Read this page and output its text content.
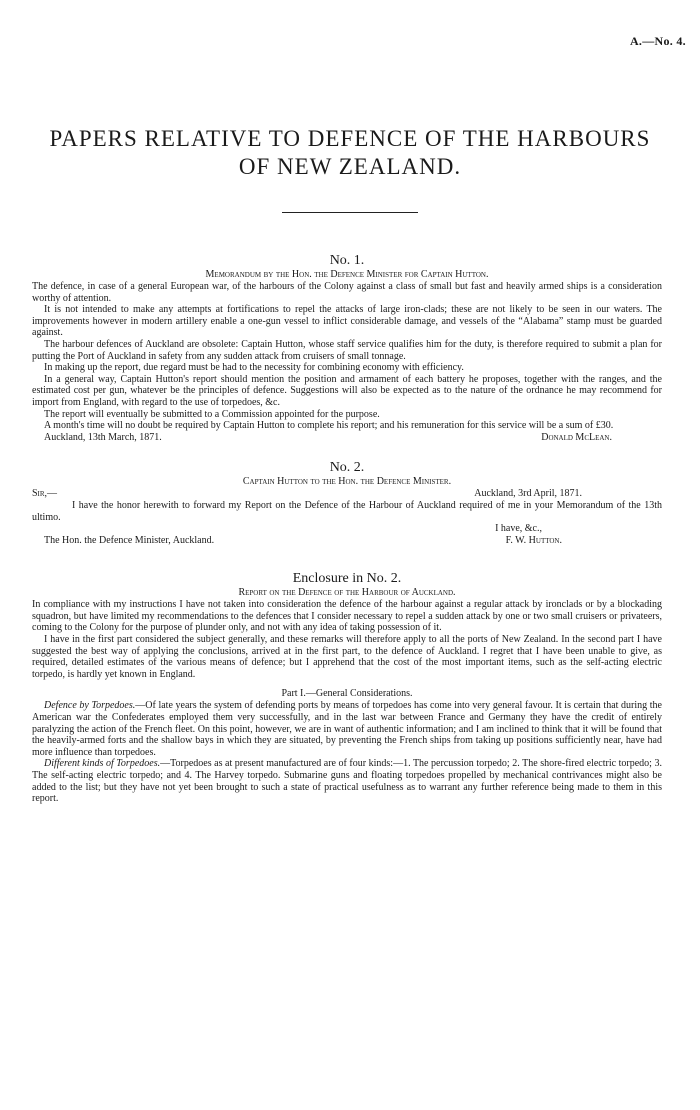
A.—No. 4.
PAPERS RELATIVE TO DEFENCE OF THE HARBOURS
OF NEW ZEALAND.
No. 1.

Memorandum by the Hon. the Defence Minister for Captain Hutton.

The defence, in case of a general European war, of the harbours of the Colony against a class of small but fast and heavily armed ships is a consideration worthy of attention.

It is not intended to make any attempts at fortifications to repel the attacks of large iron-clads; these are not likely to be seen in our waters. The improvements however in modern artillery enable a one-gun vessel to inflict considerable damage, and vessels of the “Alabama” stamp must be guarded against.

The harbour defences of Auckland are obsolete: Captain Hutton, whose staff service qualifies him for the duty, is therefore required to submit a plan for putting the Port of Auckland in safety from any sudden attack from cruisers of small tonnage.

In making up the report, due regard must be had to the necessity for combining economy with efficiency.

In a general way, Captain Hutton's report should mention the position and armament of each battery he proposes, together with the ranges, and the estimated cost per gun, whatever be the principles of defence. Suggestions will also be expected as to the nature of the ordnance he may recommend for import from England, with regard to the use of torpedoes, &c.

The report will eventually be submitted to a Commission appointed for the purpose.

A month's time will no doubt be required by Captain Hutton to complete his report; and his remuneration for this service will be a sum of £30.

Auckland, 13th March, 1871.	Donald McLean.
No. 2.

Captain Hutton to the Hon. the Defence Minister.

Sir,—	Auckland, 3rd April, 1871.

I have the honor herewith to forward my Report on the Defence of the Harbour of Auckland required of me in your Memorandum of the 13th ultimo.

I have, &c.,

The Hon. the Defence Minister, Auckland.	F. W. Hutton.
Enclosure in No. 2.

Report on the Defence of the Harbour of Auckland.

In compliance with my instructions I have not taken into consideration the defence of the harbour against a regular attack by ironclads or by a blockading squadron, but have limited my recommendations to the defences that I consider necessary to repel a sudden attack by one or two small cruisers or privateers, coming to the Colony for the purpose of plunder only, and not with any idea of taking possession of it.

I have in the first part considered the subject generally, and these remarks will therefore apply to all the ports of New Zealand. In the second part I have suggested the best way of applying the conclusions, arrived at in the first part, to the defence of Auckland. I regret that I have been unable to give, as required, detailed estimates of the various means of defence; but I apprehend that the cost of the most important items, such as the self-acting electric torpedo, is hardly yet known in England.

Part I.—General Considerations.

Defence by Torpedoes.—Of late years the system of defending ports by means of torpedoes has come into very general favour. It is certain that during the American war the Confederates employed them very successfully, and in the last war between France and Germany they have the credit of entirely paralyzing the action of the French fleet. On this point, however, we are in want of authentic information; and I am inclined to think that it will be found that the heavily-armed forts and the shallow bays in which they are situated, by preventing the French ships from taking up positions sufficiently near, have had more influence than torpedoes.

Different kinds of Torpedoes.—Torpedoes as at present manufactured are of four kinds:—1. The percussion torpedo; 2. The shore-fired electric torpedo; 3. The self-acting electric torpedo; and 4. The Harvey torpedo. Submarine guns and floating torpedoes propelled by mechanical contrivances might also be added to the list; but they have not yet been brought to such a state of practical usefulness as to warrant any further reference being made to them in this report.
